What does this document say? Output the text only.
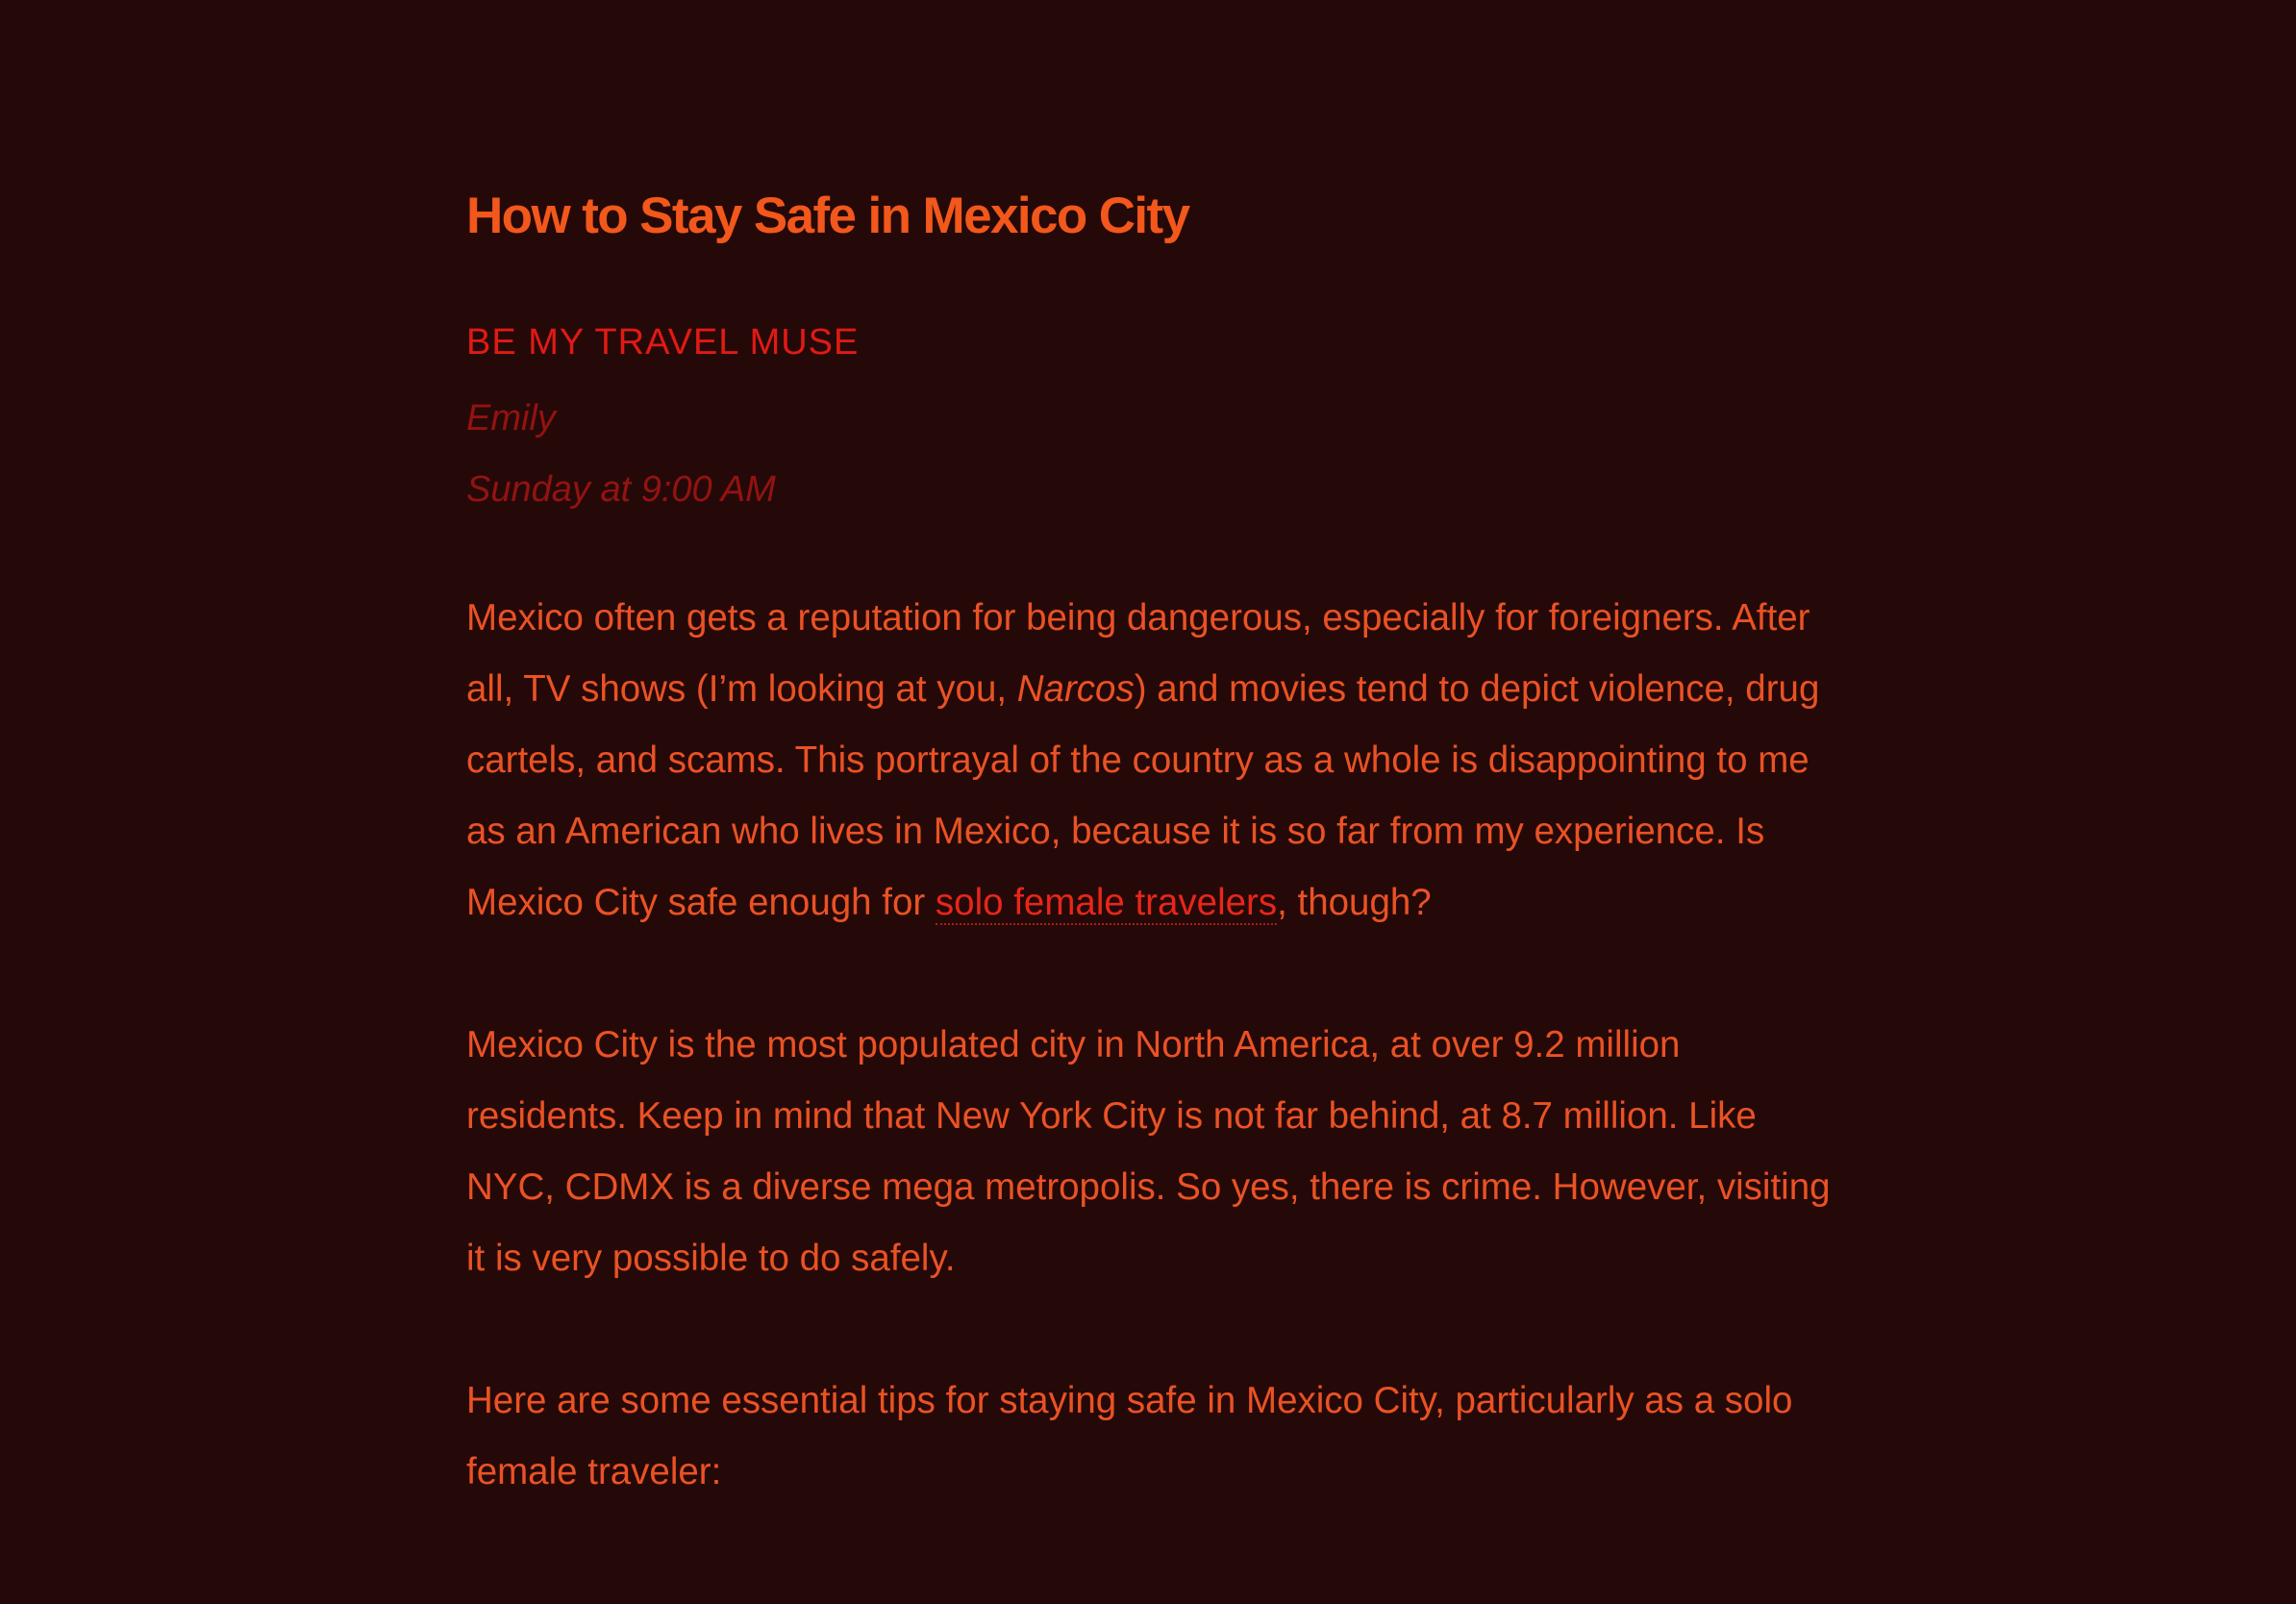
How to Stay Safe in Mexico City
BE MY TRAVEL MUSE
Emily
Sunday at 9:00 AM

Mexico often gets a reputation for being dangerous, especially for foreigners. After all, TV shows (I’m looking at you, Narcos) and movies tend to depict violence, drug cartels, and scams. This portrayal of the country as a whole is disappointing to me as an American who lives in Mexico, because it is so far from my experience. Is Mexico City safe enough for solo female travelers, though?

Mexico City is the most populated city in North America, at over 9.2 million residents. Keep in mind that New York City is not far behind, at 8.7 million. Like NYC, CDMX is a diverse mega metropolis. So yes, there is crime. However, visiting it is very possible to do safely.

Here are some essential tips for staying safe in Mexico City, particularly as a solo female traveler:
